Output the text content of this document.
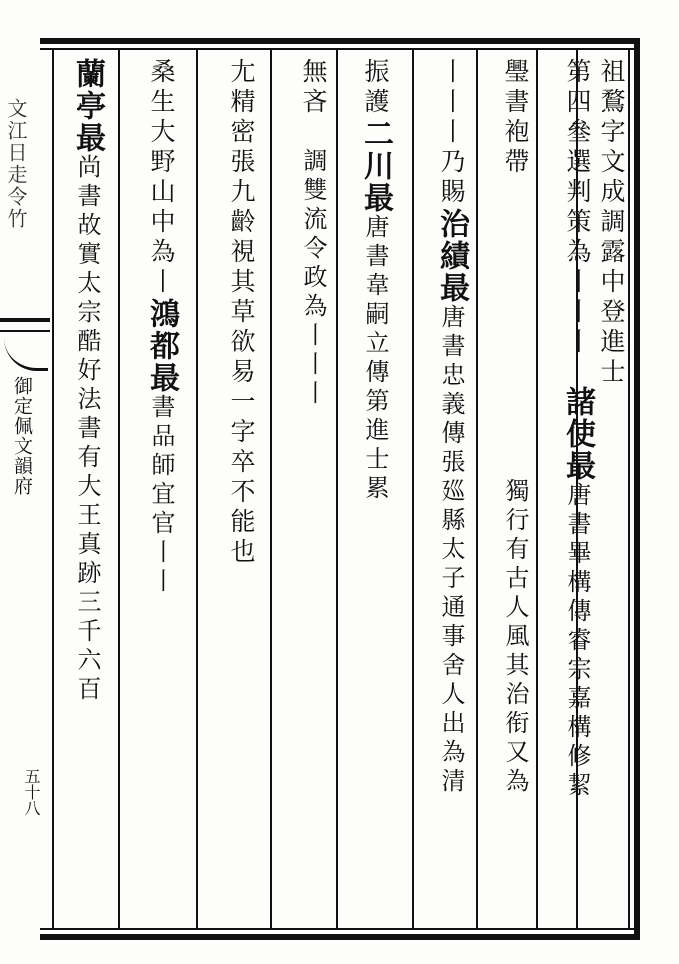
文江日走令竹
御定佩文韻府
五十八
祖鶩字文成調露中登進士
第四叄選判策為丨丨丨諸使最唐書畢構傳睿宗嘉構修絜
璺書袍帶獨行有古人風其治衔又為
丨丨丨乃賜治績最唐書忠義傳張廵縣太子通事舍人出為清
振護二川最唐書韋嗣立傳第進士累
無吝調雙流令政為丨丨丨
尢精密張九齡視其草欲易一字卒不能也
桑生大野山中為丨鴻都最書品師宜官丨丨
蘭亭最尚書故實太宗酷好法書有大王真跡三千六百
